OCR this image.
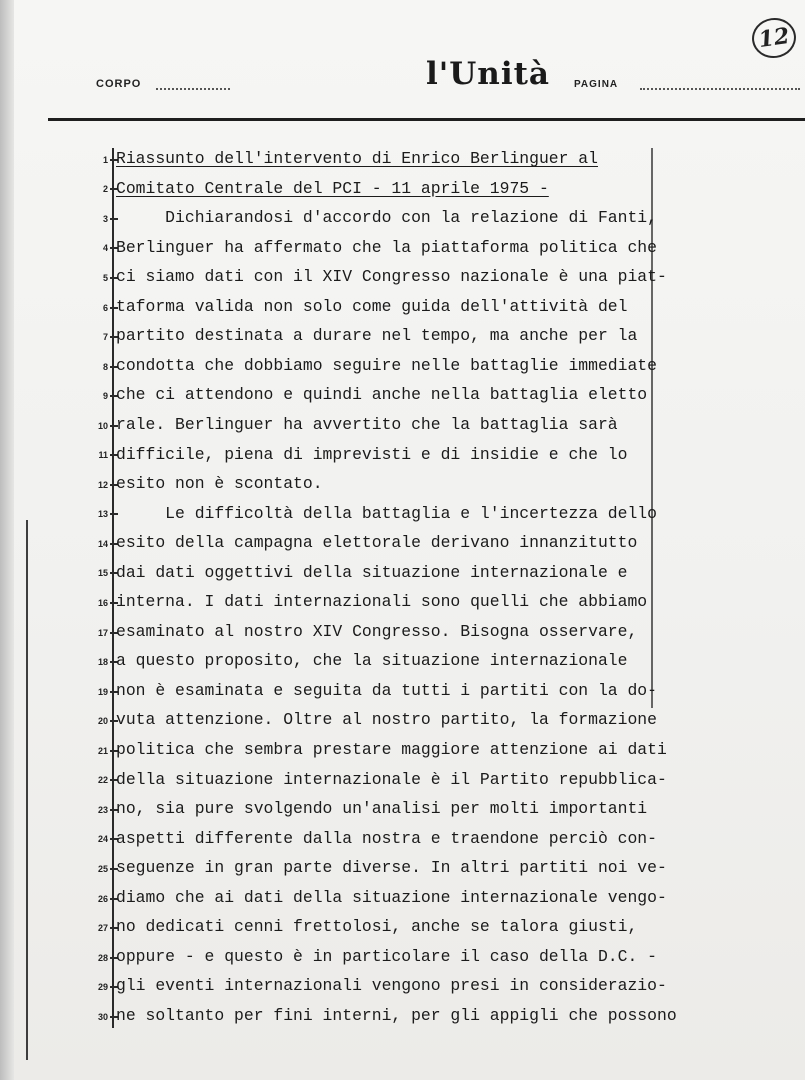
12
CORPO	l'Unità PAGINA
1 Riassunto dell'intervento di Enrico Berlinguer al
2 Comitato Centrale del PCI - 11 aprile 1975 -
3 Dichiarandosi d'accordo con la relazione di Fanti,
4 Berlinguer ha affermato che la piattaforma politica che
5 ci siamo dati con il XIV Congresso nazionale è una piat-
6 taforma valida non solo come guida dell'attività del
7 partito destinata a durare nel tempo, ma anche per la
8 condotta che dobbiamo seguire nelle battaglie immediate
9 che ci attendono e quindi anche nella battaglia eletto
10 rale. Berlinguer ha avvertito che la battaglia sarà
11 difficile, piena di imprevisti e di insidie e che lo
12 esito non è scontato.
13 Le difficoltà della battaglia e l'incertezza dello
14 esito della campagna elettorale derivano innanzitutto
15 dai dati oggettivi della situazione internazionale e
16 interna. I dati internazionali sono quelli che abbiamo
17 esaminato al nostro XIV Congresso. Bisogna osservare,
18 a questo proposito, che la situazione internazionale
19 non è esaminata e seguita da tutti i partiti con la do-
20 vuta attenzione. Oltre al nostro partito, la formazione
21 politica che sembra prestare maggiore attenzione ai dati
22 della situazione internazionale è il Partito repubblica-
23 no, sia pure svolgendo un'analisi per molti importanti
24 aspetti differente dalla nostra e traendone perciò con-
25 seguenze in gran parte diverse. In altri partiti noi ve-
26 diamo che ai dati della situazione internazionale vengo-
27 no dedicati cenni frettolosi, anche se talora giusti,
28 oppure - e questo è in particolare il caso della D.C. -
29 gli eventi internazionali vengono presi in considerazio-
30 ne soltanto per fini interni, per gli appigli che possono
